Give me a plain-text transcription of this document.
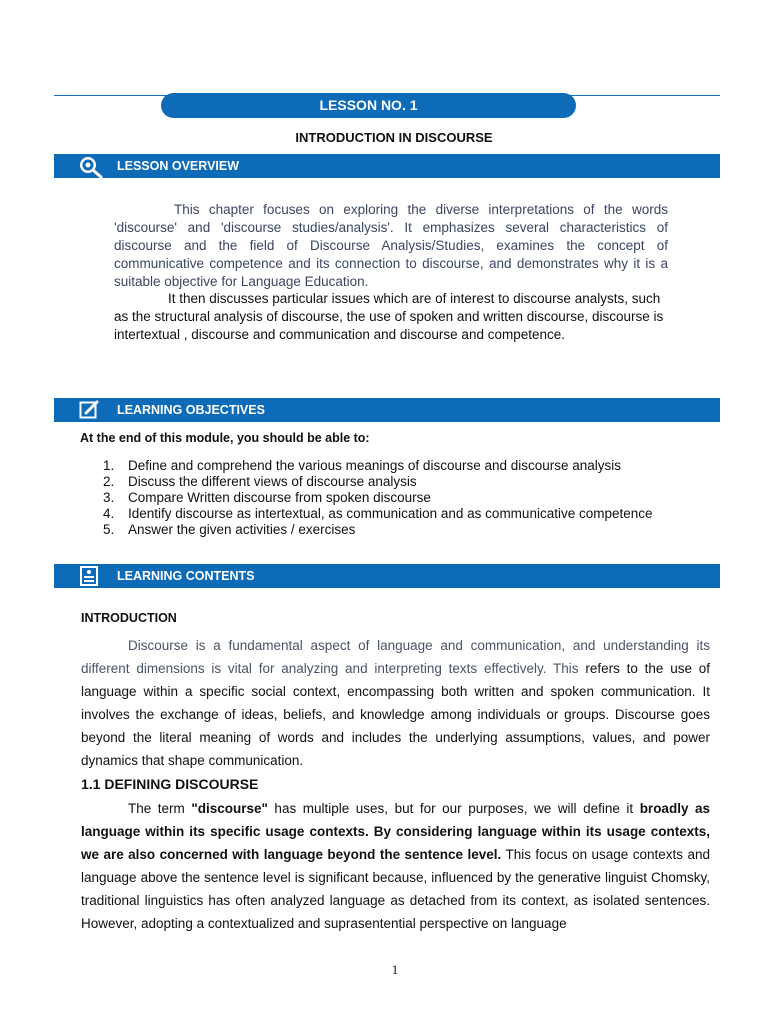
LESSON NO. 1
INTRODUCTION IN DISCOURSE
LESSON OVERVIEW

This chapter focuses on exploring the diverse interpretations of the words 'discourse' and 'discourse studies/analysis'. It emphasizes several characteristics of discourse and the field of Discourse Analysis/Studies, examines the concept of communicative competence and its connection to discourse, and demonstrates why it is a suitable objective for Language Education.

It then discusses particular issues which are of interest to discourse analysts, such as the structural analysis of discourse, the use of spoken and written discourse, discourse is intertextual , discourse and communication and discourse and competence.

LEARNING OBJECTIVES
At the end of this module, you should be able to:
1. Define and comprehend the various meanings of discourse and discourse analysis
2. Discuss the different views of discourse analysis
3. Compare Written discourse from spoken discourse
4. Identify discourse as intertextual, as communication and as communicative competence
5. Answer the given activities / exercises
LEARNING CONTENTS
INTRODUCTION

Discourse is a fundamental aspect of language and communication, and understanding its different dimensions is vital for analyzing and interpreting texts effectively. This refers to the use of language within a specific social context, encompassing both written and spoken communication. It involves the exchange of ideas, beliefs, and knowledge among individuals or groups. Discourse goes beyond the literal meaning of words and includes the underlying assumptions, values, and power dynamics that shape communication.

1.1 DEFINING DISCOURSE

The term "discourse" has multiple uses, but for our purposes, we will define it broadly as language within its specific usage contexts. By considering language within its usage contexts, we are also concerned with language beyond the sentence level. This focus on usage contexts and language above the sentence level is significant because, influenced by the generative linguist Chomsky, traditional linguistics has often analyzed language as detached from its context, as isolated sentences. However, adopting a contextualized and suprasentential perspective on language

1
